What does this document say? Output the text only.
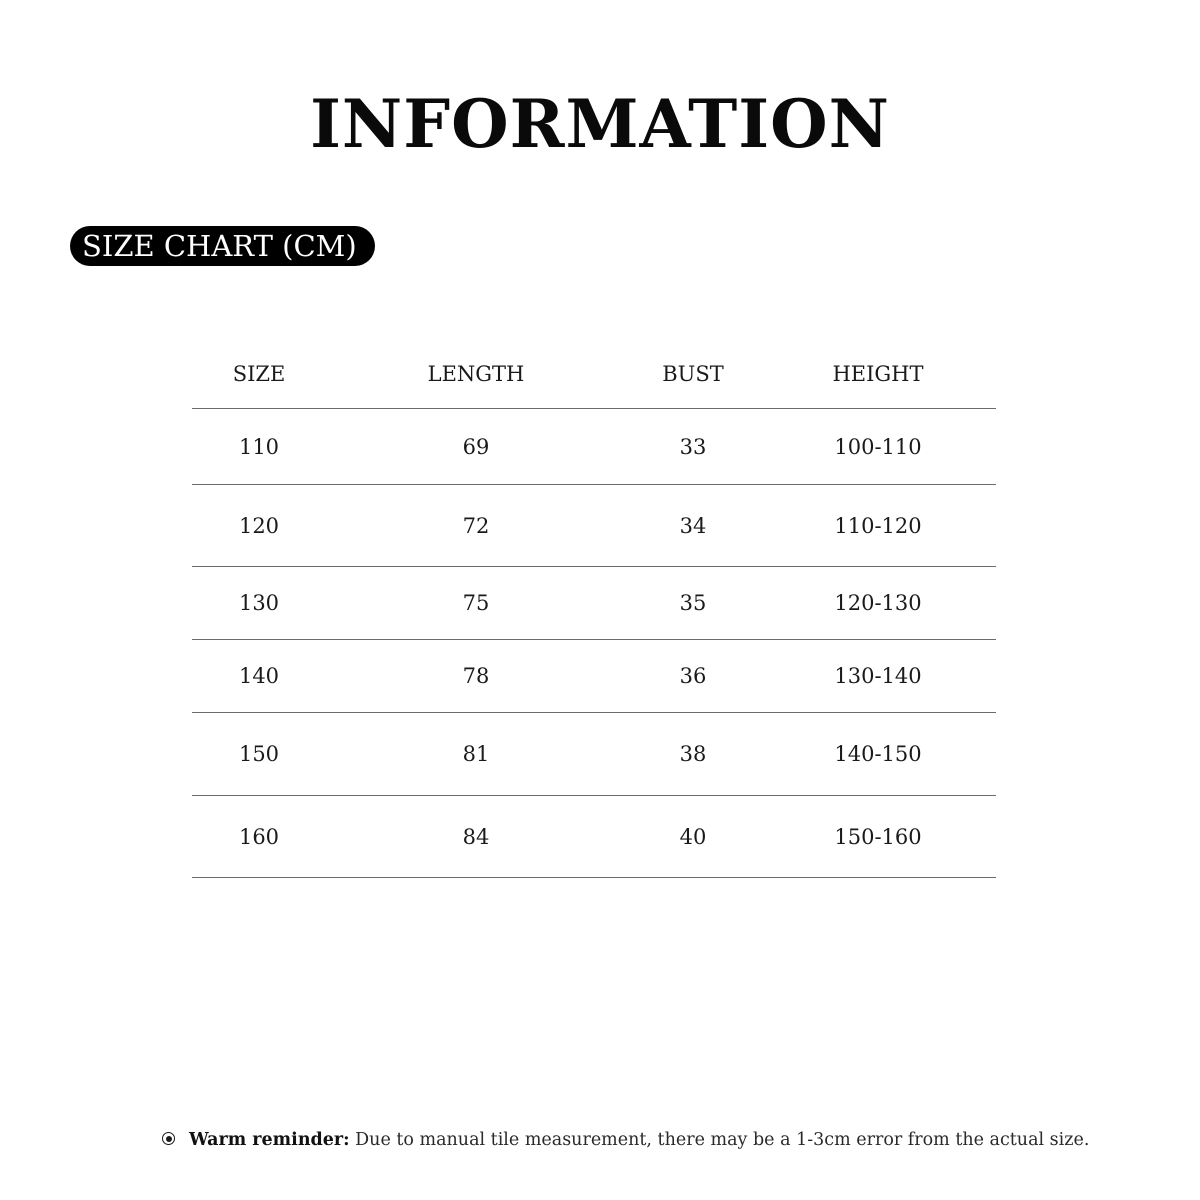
INFORMATION
SIZE CHART (CM)
SIZE	LENGTH	BUST	HEIGHT
110	69	33	100-110
120	72	34	110-120
130	75	35	120-130
140	78	36	130-140
150	81	38	140-150
160	84	40	150-160
Warm reminder: Due to manual tile measurement, there may be a 1-3cm error from the actual size.
